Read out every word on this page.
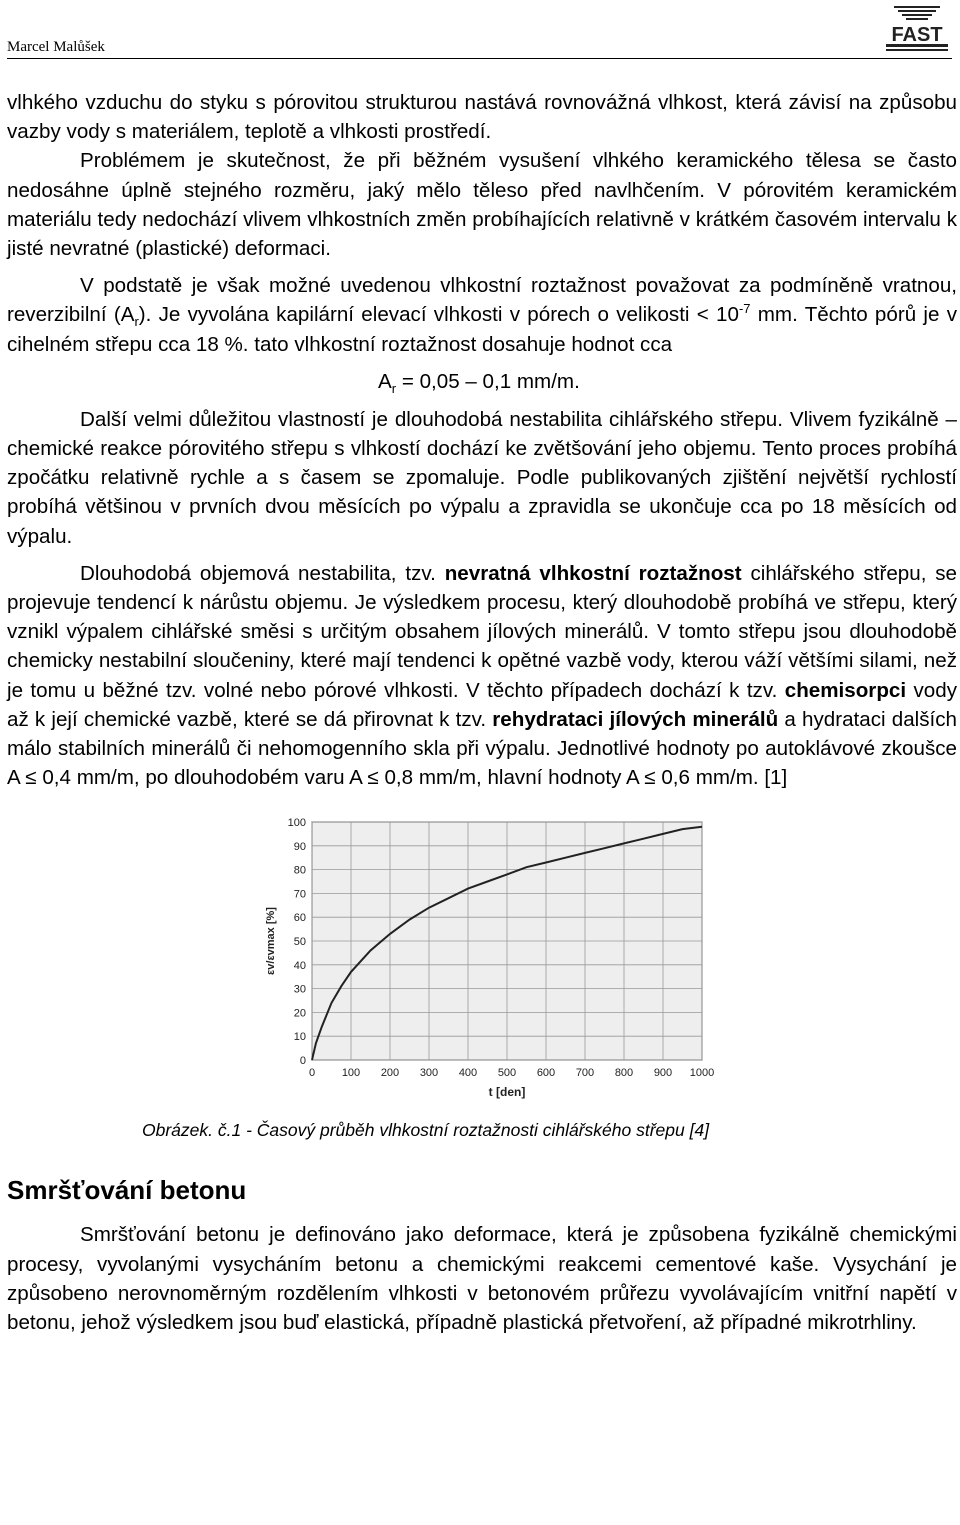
Marcel Malůšek
FAST

vlhkého vzduchu do styku s pórovitou strukturou nastává rovnovážná vlhkost, která závisí na způsobu vazby vody s materiálem, teplotě a vlhkosti prostředí.

Problémem je skutečnost, že při běžném vysušení vlhkého keramického tělesa se často nedosáhne úplně stejného rozměru, jaký mělo těleso před navlhčením. V pórovitém keramickém materiálu tedy nedochází vlivem vlhkostních změn probíhajících relativně v krátkém časovém intervalu k jisté nevratné (plastické) deformaci.

V podstatě je však možné uvedenou vlhkostní roztažnost považovat za podmíněně vratnou, reverzibilní $(A_r)$. Je vyvolána kapilární elevací vlhkosti v pórech o velikosti < $10^{-7}$ mm. Těchto pórů je v cihelném střepu cca 18 %. tato vlhkostní roztažnost dosahuje hodnot cca

$A_r = 0,05 - 0,1$ mm/m.

Další velmi důležitou vlastností je dlouhodobá nestabilita cihlářského střepu. Vlivem fyzikálně – chemické reakce pórovitého střepu s vlhkostí dochází ke zvětšování jeho objemu. Tento proces probíhá zpočátku relativně rychle a s časem se zpomaluje. Podle publikovaných zjištění největší rychlostí probíhá většinou v prvních dvou měsících po výpalu a zpravidla se ukončuje cca po 18 měsících od výpalu.

Dlouhodobá objemová nestabilita, tzv. nevratná vlhkostní roztažnost cihlářského střepu, se projevuje tendencí k nárůstu objemu. Je výsledkem procesu, který dlouhodobě probíhá ve střepu, který vznikl výpalem cihlářské směsi s určitým obsahem jílových minerálů. V tomto střepu jsou dlouhodobě chemicky nestabilní sloučeniny, které mají tendenci k opětné vazbě vody, kterou váží většími silami, než je tomu u běžné tzv. volné nebo pórové vlhkosti. V těchto případech dochází k tzv. chemisorpci vody až k její chemické vazbě, které se dá přirovnat k tzv. rehydrataci jílových minerálů a hydrataci dalších málo stabilních minerálů či nehomogenního skla při výpalu. Jednotlivé hodnoty po autoklávové zkoušce A ≤ 0,4 mm/m, po dlouhodobém varu A ≤ 0,8 mm/m, hlavní hodnoty A ≤ 0,6 mm/m. [1]

0 100 200 300 400 500 600 700 800 900 1000
0
10
20
30
40
50
60
70
80
90
100
t [den]
εv/εvmax [%]
Obrázek. č.1 - Časový průběh vlhkostní roztažnosti cihlářského střepu [4]
Smršťování betonu

Smršťování betonu je definováno jako deformace, která je způsobena fyzikálně chemickými procesy, vyvolanými vysycháním betonu a chemickými reakcemi cementové kaše. Vysychání je způsobeno nerovnoměrným rozdělením vlhkosti v betonovém průřezu vyvolávajícím vnitřní napětí v betonu, jehož výsledkem jsou buď elastická, případně plastická přetvoření, až případné mikrotrhliny.
